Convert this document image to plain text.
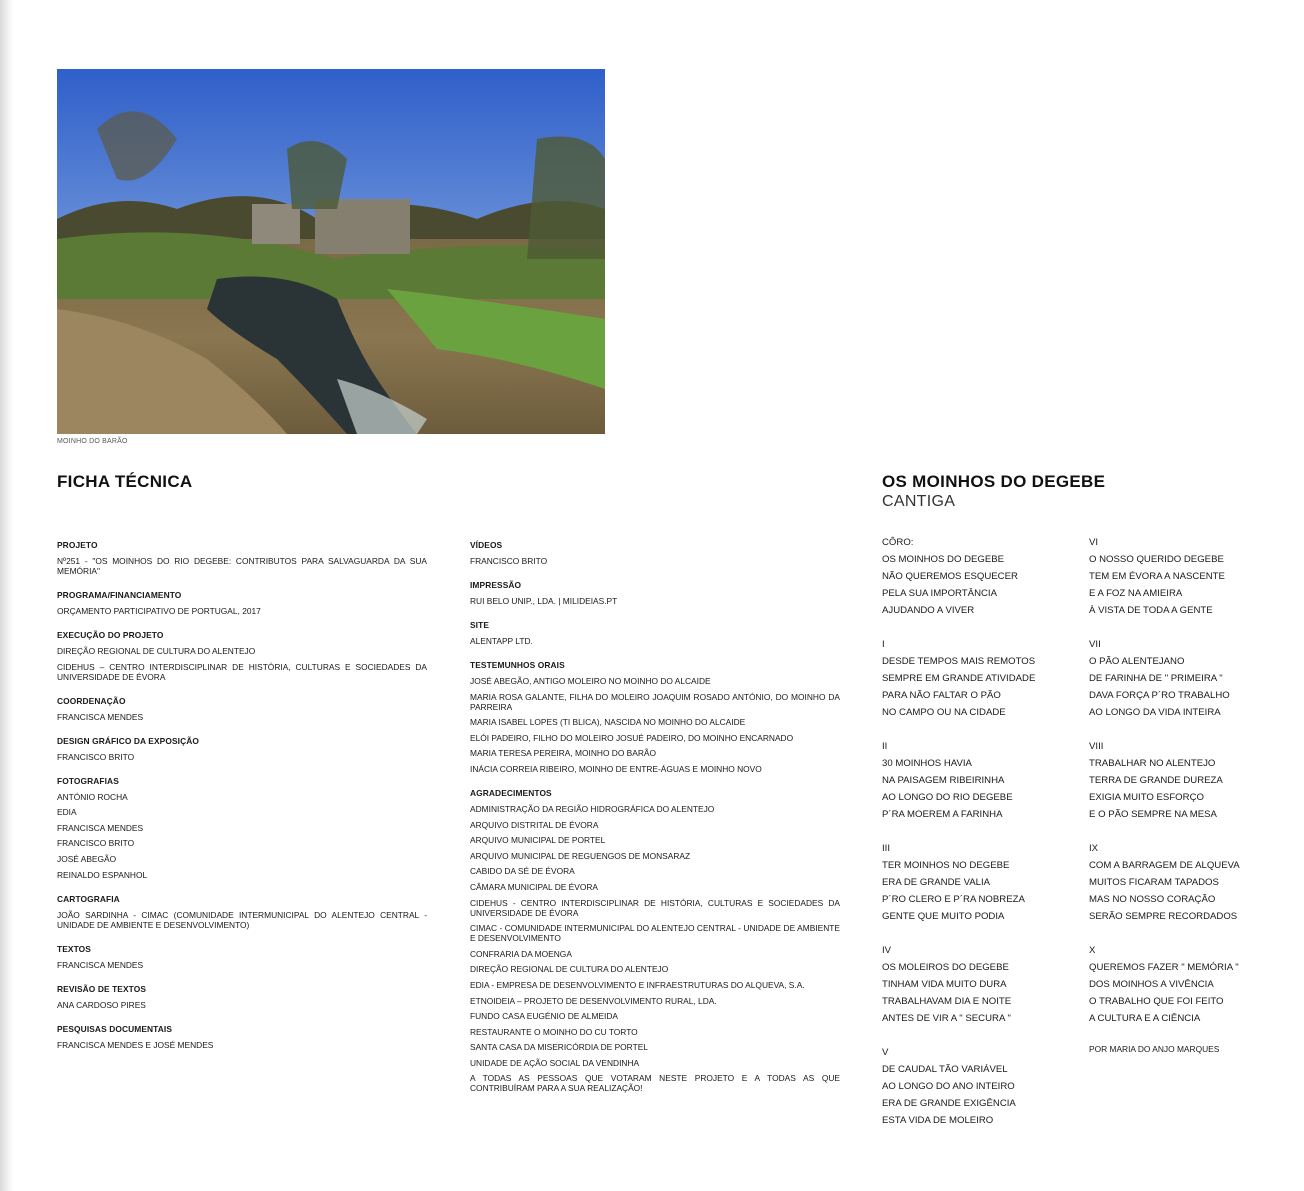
MOINHO DO BARÃO
FICHA TÉCNICA
PROJETO
Nº251 - "OS MOINHOS DO RIO DEGEBE: CONTRIBUTOS PARA SALVAGUARDA DA SUA MEMÓRIA"
PROGRAMA/FINANCIAMENTO
ORÇAMENTO PARTICIPATIVO DE PORTUGAL, 2017
EXECUÇÃO DO PROJETO
DIREÇÃO REGIONAL DE CULTURA DO ALENTEJO
CIDEHUS – CENTRO INTERDISCIPLINAR DE HISTÓRIA, CULTURAS E SOCIEDADES DA UNIVERSIDADE DE ÉVORA
COORDENAÇÃO
FRANCISCA MENDES
DESIGN GRÁFICO DA EXPOSIÇÃO
FRANCISCO BRITO
FOTOGRAFIAS
ANTÓNIO ROCHA
EDIA
FRANCISCA MENDES
FRANCISCO BRITO
JOSÉ ABEGÃO
REINALDO ESPANHOL
CARTOGRAFIA
JOÃO SARDINHA - CIMAC (COMUNIDADE INTERMUNICIPAL DO ALENTEJO CENTRAL - UNIDADE DE AMBIENTE E DESENVOLVIMENTO)
TEXTOS
FRANCISCA MENDES
REVISÃO DE TEXTOS
ANA CARDOSO PIRES
PESQUISAS DOCUMENTAIS
FRANCISCA MENDES E JOSÉ MENDES
VÍDEOS
FRANCISCO BRITO
IMPRESSÃO
RUI BELO UNIP., LDA. | MILIDEIAS.PT
SITE
ALENTAPP LTD.
TESTEMUNHOS ORAIS
JOSÉ ABEGÃO, ANTIGO MOLEIRO NO MOINHO DO ALCAIDE
MARIA ROSA GALANTE, FILHA DO MOLEIRO JOAQUIM ROSADO ANTÓNIO, DO MOINHO DA PARREIRA
MARIA ISABEL LOPES (TI BLICA), NASCIDA NO MOINHO DO ALCAIDE
ELÓI PADEIRO, FILHO DO MOLEIRO JOSUÉ PADEIRO, DO MOINHO ENCARNADO
MARIA TERESA PEREIRA, MOINHO DO BARÃO
INÁCIA CORREIA RIBEIRO, MOINHO DE ENTRE-ÁGUAS E MOINHO NOVO
AGRADECIMENTOS
ADMINISTRAÇÃO DA REGIÃO HIDROGRÁFICA DO ALENTEJO
ARQUIVO DISTRITAL DE ÉVORA
ARQUIVO MUNICIPAL DE PORTEL
ARQUIVO MUNICIPAL DE REGUENGOS DE MONSARAZ
CABIDO DA SÉ DE ÉVORA
CÂMARA MUNICIPAL DE ÉVORA
CIDEHUS - CENTRO INTERDISCIPLINAR DE HISTÓRIA, CULTURAS E SOCIEDADES DA UNIVERSIDADE DE ÉVORA
CIMAC - COMUNIDADE INTERMUNICIPAL DO ALENTEJO CENTRAL - UNIDADE DE AMBIENTE E DESENVOLVIMENTO
CONFRARIA DA MOENGA
DIREÇÃO REGIONAL DE CULTURA DO ALENTEJO
EDIA - EMPRESA DE DESENVOLVIMENTO E INFRAESTRUTURAS DO ALQUEVA, S.A.
ETNOIDEIA – PROJETO DE DESENVOLVIMENTO RURAL, LDA.
FUNDO CASA EUGÉNIO DE ALMEIDA
RESTAURANTE O MOINHO DO CU TORTO
SANTA CASA DA MISERICÓRDIA DE PORTEL
UNIDADE DE AÇÃO SOCIAL DA VENDINHA
A TODAS AS PESSOAS QUE VOTARAM NESTE PROJETO E A TODAS AS QUE CONTRIBUÍRAM PARA A SUA REALIZAÇÃO!
OS MOINHOS DO DEGEBE
CANTIGA
CÔRO:
OS MOINHOS DO DEGEBE
NÃO QUEREMOS ESQUECER
PELA SUA IMPORTÂNCIA
AJUDANDO A VIVER
I
DESDE TEMPOS MAIS REMOTOS
SEMPRE EM GRANDE ATIVIDADE
PARA NÃO FALTAR O PÃO
NO CAMPO OU NA CIDADE
II
30 MOINHOS HAVIA
NA PAISAGEM RIBEIRINHA
AO LONGO DO RIO DEGEBE
P´RA MOEREM A FARINHA
III
TER MOINHOS NO DEGEBE
ERA DE GRANDE VALIA
P´RO CLERO E P´RA NOBREZA
GENTE QUE MUITO PODIA
IV
OS MOLEIROS DO DEGEBE
TINHAM VIDA MUITO DURA
TRABALHAVAM DIA E NOITE
ANTES DE VIR A " SECURA "
V
DE CAUDAL TÃO VARIÁVEL
AO LONGO DO ANO INTEIRO
ERA DE GRANDE EXIGÊNCIA
ESTA VIDA DE MOLEIRO
VI
O NOSSO QUERIDO DEGEBE
TEM EM ÉVORA A NASCENTE
E A FOZ NA AMIEIRA
À VISTA DE TODA A GENTE
VII
O PÃO ALENTEJANO
DE FARINHA DE " PRIMEIRA "
DAVA FORÇA P´RO TRABALHO
AO LONGO DA VIDA INTEIRA
VIII
TRABALHAR NO ALENTEJO
TERRA DE GRANDE DUREZA
EXIGIA MUITO ESFORÇO
E O PÃO SEMPRE NA MESA
IX
COM A BARRAGEM DE ALQUEVA
MUITOS FICARAM TAPADOS
MAS NO NOSSO CORAÇÃO
SERÃO SEMPRE RECORDADOS
X
QUEREMOS FAZER " MEMÓRIA "
DOS MOINHOS A VIVÊNCIA
O TRABALHO QUE FOI FEITO
A CULTURA E A CIÊNCIA
POR MARIA DO ANJO MARQUES
